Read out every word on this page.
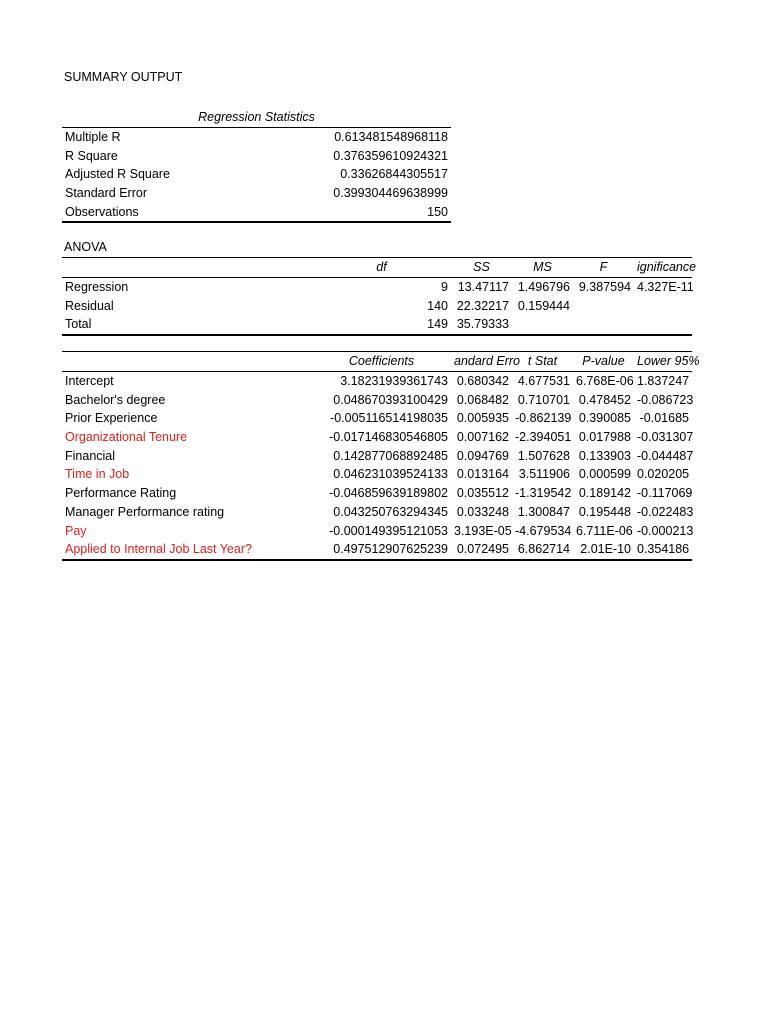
SUMMARY OUTPUT
Regression Statistics	
Multiple R	0.613481548968118
R Square	0.376359610924321
Adjusted R Square	0.33626844305517
Standard Error	0.399304469638999
Observations	150
ANOVA
	df	SS	MS	F	ignificance
Regression	9	13.47117	1.496796	9.387594	4.327E-11
Residual	140	22.32217	0.159444		
Total	149	35.79333			
	Coefficients	andard Erro	t Stat	P-value	Lower 95%
Intercept	3.18231939361743	0.680342	4.677531	6.768E-06	1.837247
Bachelor's degree	0.048670393100429	0.068482	0.710701	0.478452	-0.086723
Prior Experience	-0.005116514198035	0.005935	-0.862139	0.390085	-0.01685
Organizational Tenure	-0.017146830546805	0.007162	-2.394051	0.017988	-0.031307
Financial	0.142877068892485	0.094769	1.507628	0.133903	-0.044487
Time in Job	0.046231039524133	0.013164	3.511906	0.000599	0.020205
Performance Rating	-0.046859639189802	0.035512	-1.319542	0.189142	-0.117069
Manager Performance rating	0.043250763294345	0.033248	1.300847	0.195448	-0.022483
Pay	-0.000149395121053	3.193E-05	-4.679534	6.711E-06	-0.000213
Applied to Internal Job Last Year?	0.497512907625239	0.072495	6.862714	2.01E-10	0.354186
